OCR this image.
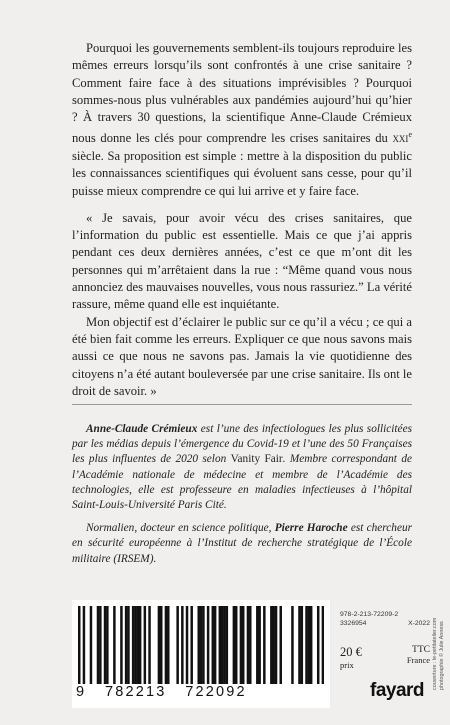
Pourquoi les gouvernements semblent-ils toujours reproduire les mêmes erreurs lorsqu’ils sont confrontés à une crise sanitaire ? Comment faire face à des situations imprévisibles ? Pourquoi sommes-nous plus vulnérables aux pandémies aujourd’hui qu’hier ? À travers 30 questions, la scientifique Anne-Claude Crémieux nous donne les clés pour comprendre les crises sanitaires du xxi$^e$ siècle. Sa proposition est simple : mettre à la disposition du public les connaissances scientifiques qui évoluent sans cesse, pour qu’il puisse mieux comprendre ce qui lui arrive et y faire face.

« Je savais, pour avoir vécu des crises sanitaires, que l’information du public est essentielle. Mais ce que j’ai appris pendant ces deux dernières années, c’est ce que m’ont dit les personnes qui m’arrêtaient dans la rue : “Même quand vous nous annonciez des mauvaises nouvelles, vous nous rassuriez.” La vérité rassure, même quand elle est inquiétante.

Mon objectif est d’éclairer le public sur ce qu’il a vécu ; ce qui a été bien fait comme les erreurs. Expliquer ce que nous savons mais aussi ce que nous ne savons pas. Jamais la vie quotidienne des citoyens n’a été autant bouleversée par une crise sanitaire. Ils ont le droit de savoir. »

Anne-Claude Crémieux est l’une des infectiologues les plus sollicitées par les médias depuis l’émergence du Covid-19 et l’une des 50 Françaises les plus influentes de 2020 selon Vanity Fair. Membre correspondant de l’Académie nationale de médecine et membre de l’Académie des technologies, elle est professeure en maladies infectieuses à l’hôpital Saint-Louis-Université Paris Cité.

Normalien, docteur en science politique, Pierre Haroche est chercheur en sécurité européenne à l’Institut de recherche stratégique de l’École militaire (IRSEM).

9   782213   722092
978-2-213-72209-2
3326954	X-2022
20 €
prix
TTC
France
fayard
couverture : le-petitatelier.com photographie © Julie Anness
